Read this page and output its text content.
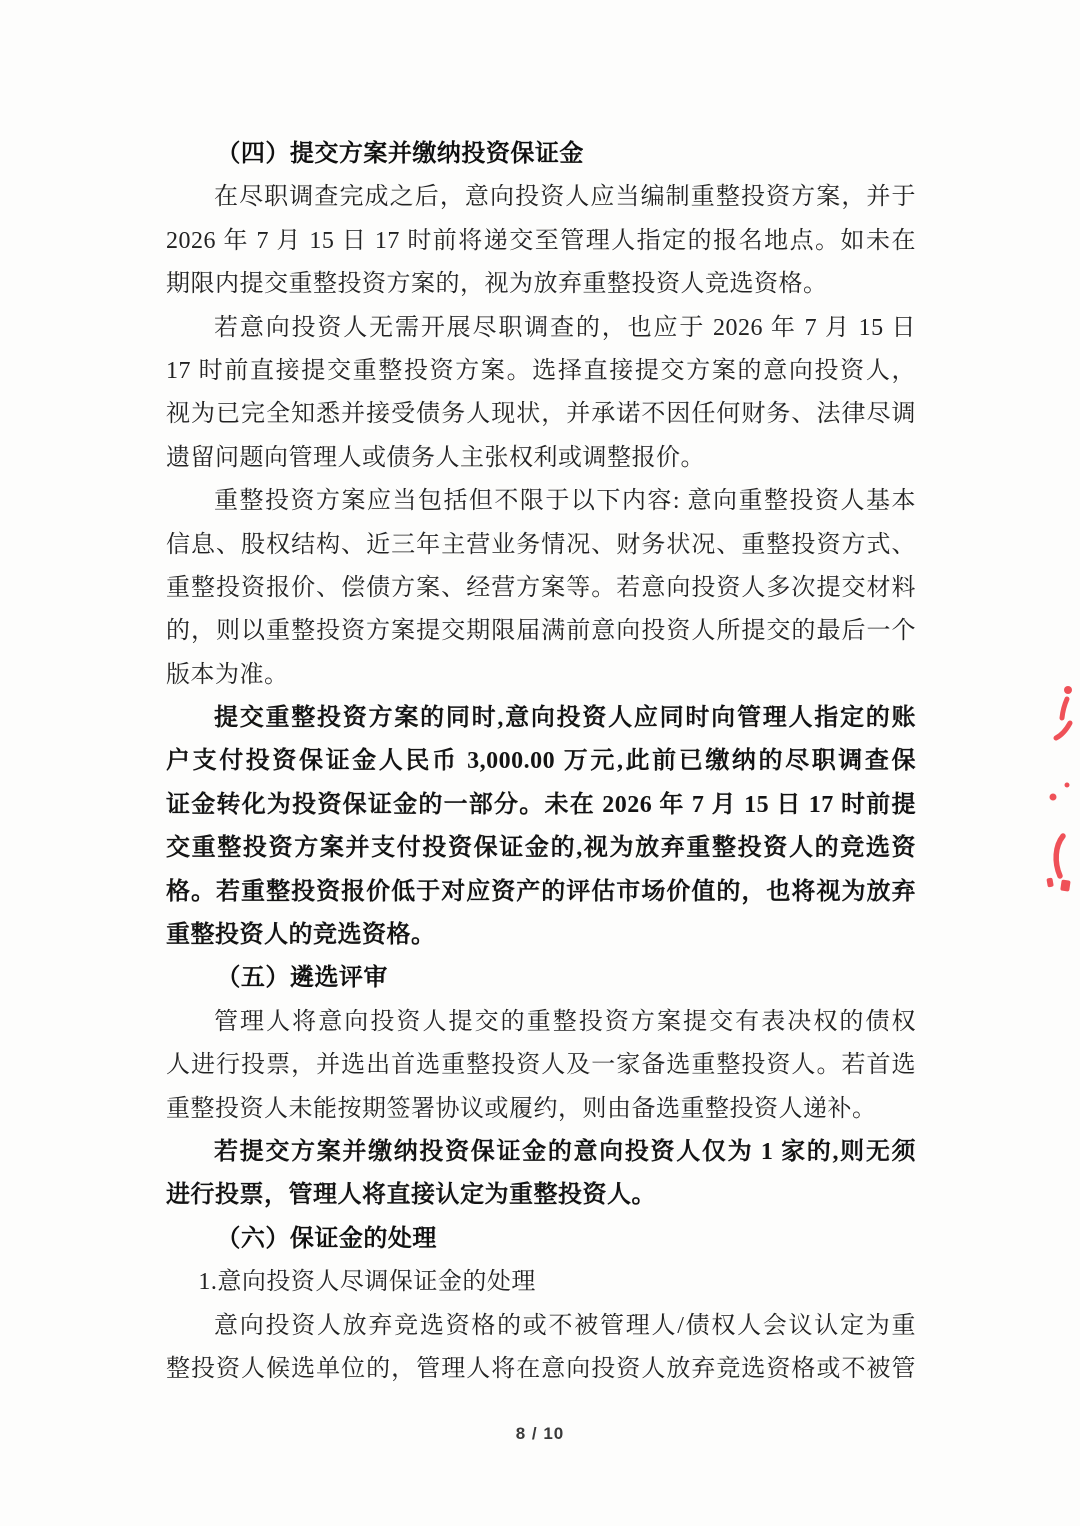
（四）提交方案并缴纳投资保证金
在尽职调查完成之后，意向投资人应当编制重整投资方案，并于
2026 年 7 月 15 日 17 时前将递交至管理人指定的报名地点。如未在
期限内提交重整投资方案的，视为放弃重整投资人竞选资格。
若意向投资人无需开展尽职调查的，也应于 2026 年 7 月 15 日
17 时前直接提交重整投资方案。选择直接提交方案的意向投资人，
视为已完全知悉并接受债务人现状，并承诺不因任何财务、法律尽调
遗留问题向管理人或债务人主张权利或调整报价。
重整投资方案应当包括但不限于以下内容: 意向重整投资人基本
信息、股权结构、近三年主营业务情况、财务状况、重整投资方式、
重整投资报价、偿债方案、经营方案等。若意向投资人多次提交材料
的，则以重整投资方案提交期限届满前意向投资人所提交的最后一个
版本为准。
提交重整投资方案的同时,意向投资人应同时向管理人指定的账
户支付投资保证金人民币 3,000.00 万元,此前已缴纳的尽职调查保
证金转化为投资保证金的一部分。未在 2026 年 7 月 15 日 17 时前提
交重整投资方案并支付投资保证金的,视为放弃重整投资人的竞选资
格。若重整投资报价低于对应资产的评估市场价值的，也将视为放弃
重整投资人的竞选资格。
（五）遴选评审
管理人将意向投资人提交的重整投资方案提交有表决权的债权
人进行投票，并选出首选重整投资人及一家备选重整投资人。若首选
重整投资人未能按期签署协议或履约，则由备选重整投资人递补。
若提交方案并缴纳投资保证金的意向投资人仅为 1 家的,则无须
进行投票，管理人将直接认定为重整投资人。
（六）保证金的处理
1.意向投资人尽调保证金的处理
意向投资人放弃竞选资格的或不被管理人/债权人会议认定为重
整投资人候选单位的，管理人将在意向投资人放弃竞选资格或不被管
8 / 10
